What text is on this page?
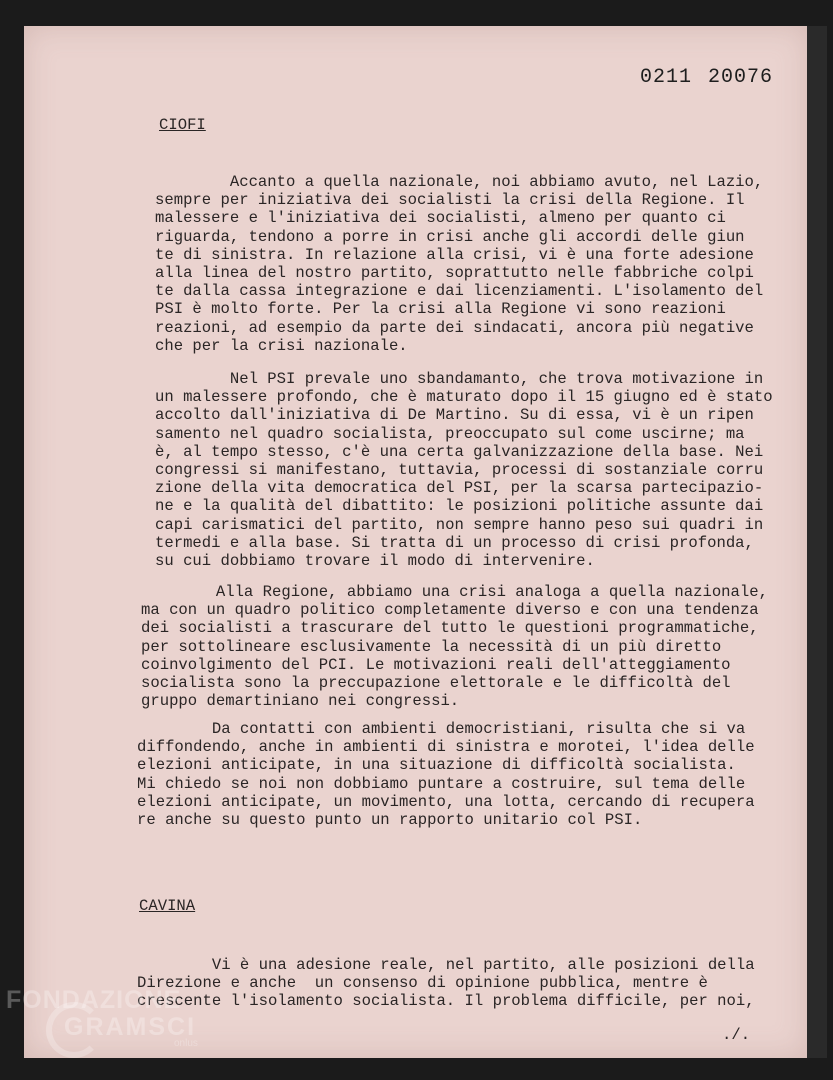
0211 20076
CIOFI
Accanto a quella nazionale, noi abbiamo avuto, nel Lazio,
sempre per iniziativa dei socialisti la crisi della Regione. Il
malessere e l'iniziativa dei socialisti, almeno per quanto ci
riguarda, tendono a porre in crisi anche gli accordi delle giun
te di sinistra. In relazione alla crisi, vi è una forte adesione
alla linea del nostro partito, soprattutto nelle fabbriche colpi
te dalla cassa integrazione e dai licenziamenti. L'isolamento del
PSI è molto forte. Per la crisi alla Regione vi sono reazioni
reazioni, ad esempio da parte dei sindacati, ancora più negative
che per la crisi nazionale.
Nel PSI prevale uno sbandamanto, che trova motivazione in
un malessere profondo, che è maturato dopo il 15 giugno ed è stato
accolto dall'iniziativa di De Martino. Su di essa, vi è un ripen
samento nel quadro socialista, preoccupato sul come uscirne; ma
è, al tempo stesso, c'è una certa galvanizzazione della base. Nei
congressi si manifestano, tuttavia, processi di sostanziale corru
zione della vita democratica del PSI, per la scarsa partecipazio-
ne e la qualità del dibattito: le posizioni politiche assunte dai
capi carismatici del partito, non sempre hanno peso sui quadri in
termedi e alla base. Si tratta di un processo di crisi profonda,
su cui dobbiamo trovare il modo di intervenire.
Alla Regione, abbiamo una crisi analoga a quella nazionale,
ma con un quadro politico completamente diverso e con una tendenza
dei socialisti a trascurare del tutto le questioni programmatiche,
per sottolineare esclusivamente la necessità di un più diretto
coinvolgimento del PCI. Le motivazioni reali dell'atteggiamento
socialista sono la preccupazione elettorale e le difficoltà del
gruppo demartiniano nei congressi.
Da contatti con ambienti democristiani, risulta che si va
diffondendo, anche in ambienti di sinistra e morotei, l'idea delle
elezioni anticipate, in una situazione di difficoltà socialista.
Mi chiedo se noi non dobbiamo puntare a costruire, sul tema delle
elezioni anticipate, un movimento, una lotta, cercando di recupera
re anche su questo punto un rapporto unitario col PSI.
CAVINA
Vi è una adesione reale, nel partito, alle posizioni della
Direzione e anche  un consenso di opinione pubblica, mentre è
crescente l'isolamento socialista. Il problema difficile, per noi,
./.
FONDAZIONE
GRAMSCI
onlus
